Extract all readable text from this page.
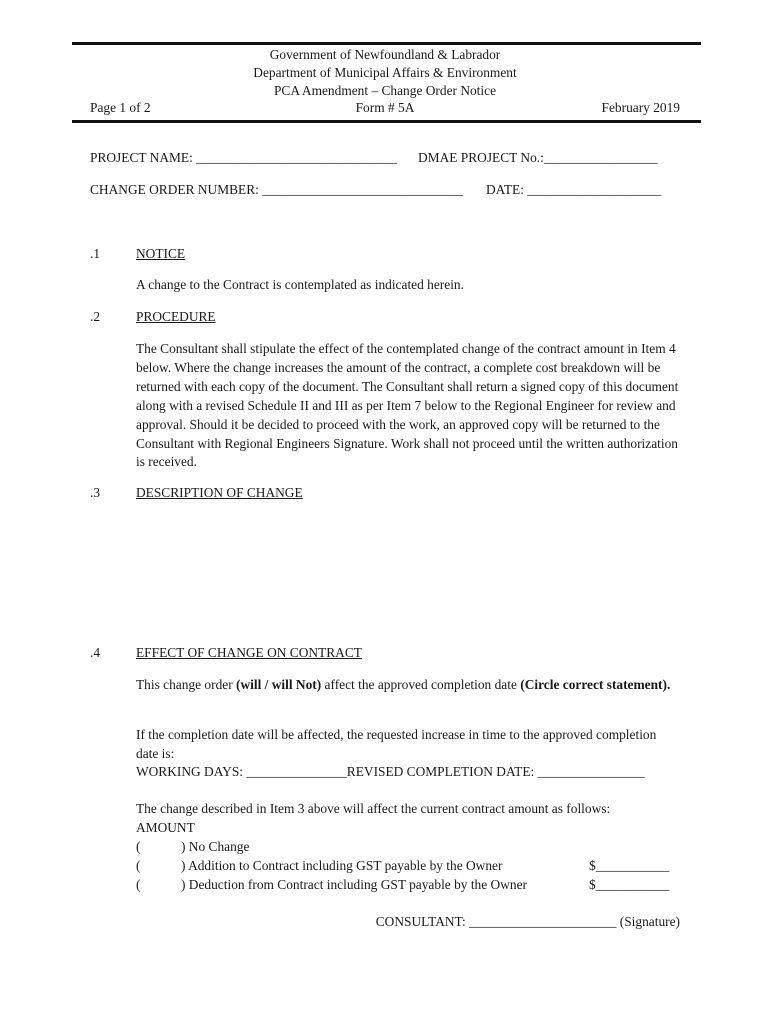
Government of Newfoundland & Labrador
Department of Municipal Affairs & Environment
PCA Amendment – Change Order Notice
Form # 5A
Page 1 of 2	February 2019
PROJECT NAME: ______________________________ DMAE PROJECT No.:_________________
CHANGE ORDER NUMBER: ______________________________ DATE: ____________________
.1	NOTICE
A change to the Contract is contemplated as indicated herein.
.2	PROCEDURE
The Consultant shall stipulate the effect of the contemplated change of the contract amount in Item 4 below. Where the change increases the amount of the contract, a complete cost breakdown will be returned with each copy of the document. The Consultant shall return a signed copy of this document along with a revised Schedule II and III as per Item 7 below to the Regional Engineer for review and approval. Should it be decided to proceed with the work, an approved copy will be returned to the Consultant with Regional Engineers Signature. Work shall not proceed until the written authorization is received.
.3	DESCRIPTION OF CHANGE
.4	EFFECT OF CHANGE ON CONTRACT
This change order (will / will Not) affect the approved completion date (Circle correct statement).
If the completion date will be affected, the requested increase in time to the approved completion date is:
WORKING DAYS: _______________REVISED COMPLETION DATE: ________________
The change described in Item 3 above will affect the current contract amount as follows:
AMOUNT
(	) No Change
(	) Addition to Contract including GST payable by the Owner	$___________
(	) Deduction from Contract including GST payable by the Owner	$___________
CONSULTANT: ______________________ (Signature)
